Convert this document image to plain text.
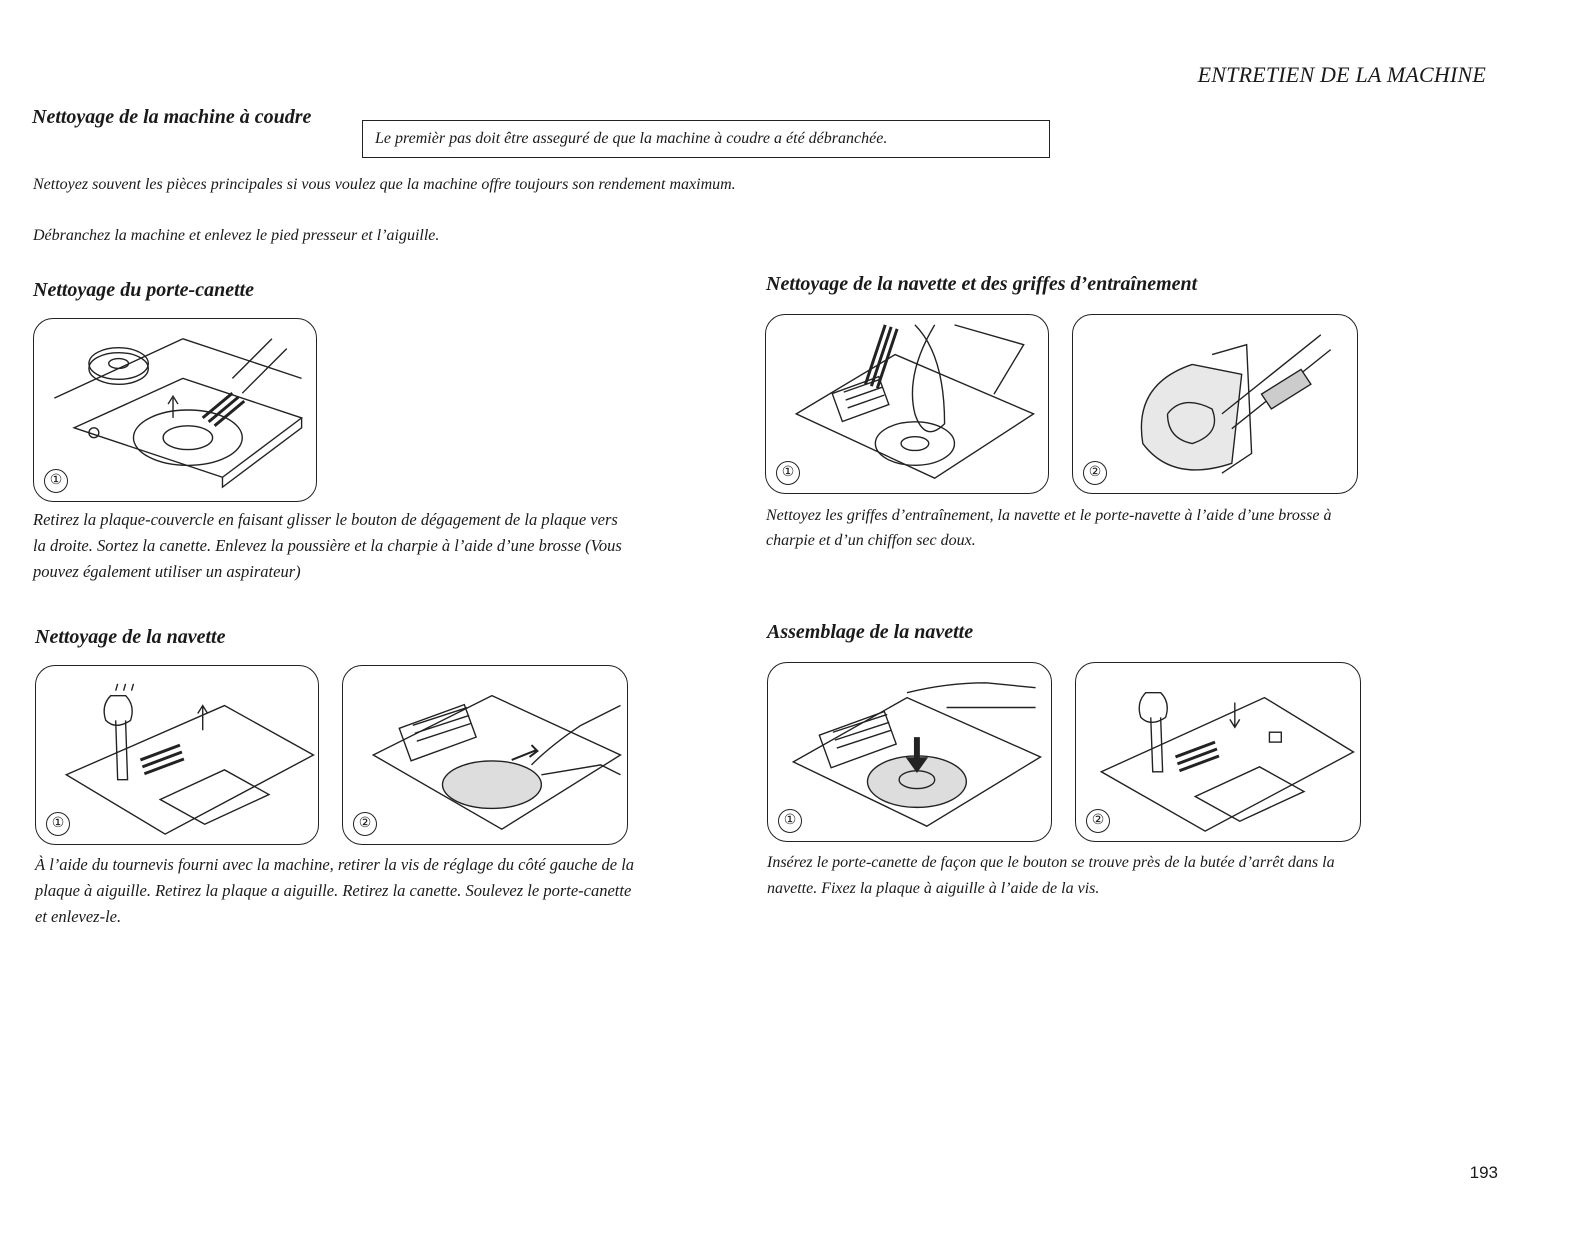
ENTRETIEN DE LA MACHINE
Nettoyage de la machine à coudre
Le premièr pas doit être asseguré de que la machine à coudre a été débranchée.
Nettoyez souvent les pièces principales si vous voulez que la machine offre toujours son rendement maximum.
Débranchez la machine et enlevez le pied presseur et l’aiguille.
Nettoyage du porte-canette
①
Retirez la plaque-couvercle en faisant glisser le bouton de dégagement de la plaque vers la droite. Sortez la canette. Enlevez la poussière et la charpie à l’aide d’une brosse (Vous pouvez également utiliser un aspirateur)
Nettoyage de la navette et des griffes d’entraînement
①	②
Nettoyez les griffes d’entraînement, la navette et le porte-navette à l’aide d’une brosse à charpie et d’un chiffon sec doux.
Nettoyage de la navette
①	②
À l’aide du tournevis fourni avec la machine, retirer la vis de réglage du côté gauche de la plaque à aiguille. Retirez la plaque a aiguille. Retirez la canette. Soulevez le porte-canette et enlevez-le.
Assemblage de la navette
①	②
Insérez le porte-canette de façon que le bouton se trouve près de la butée d’arrêt dans la navette. Fixez la plaque à aiguille à l’aide de la vis.
193
